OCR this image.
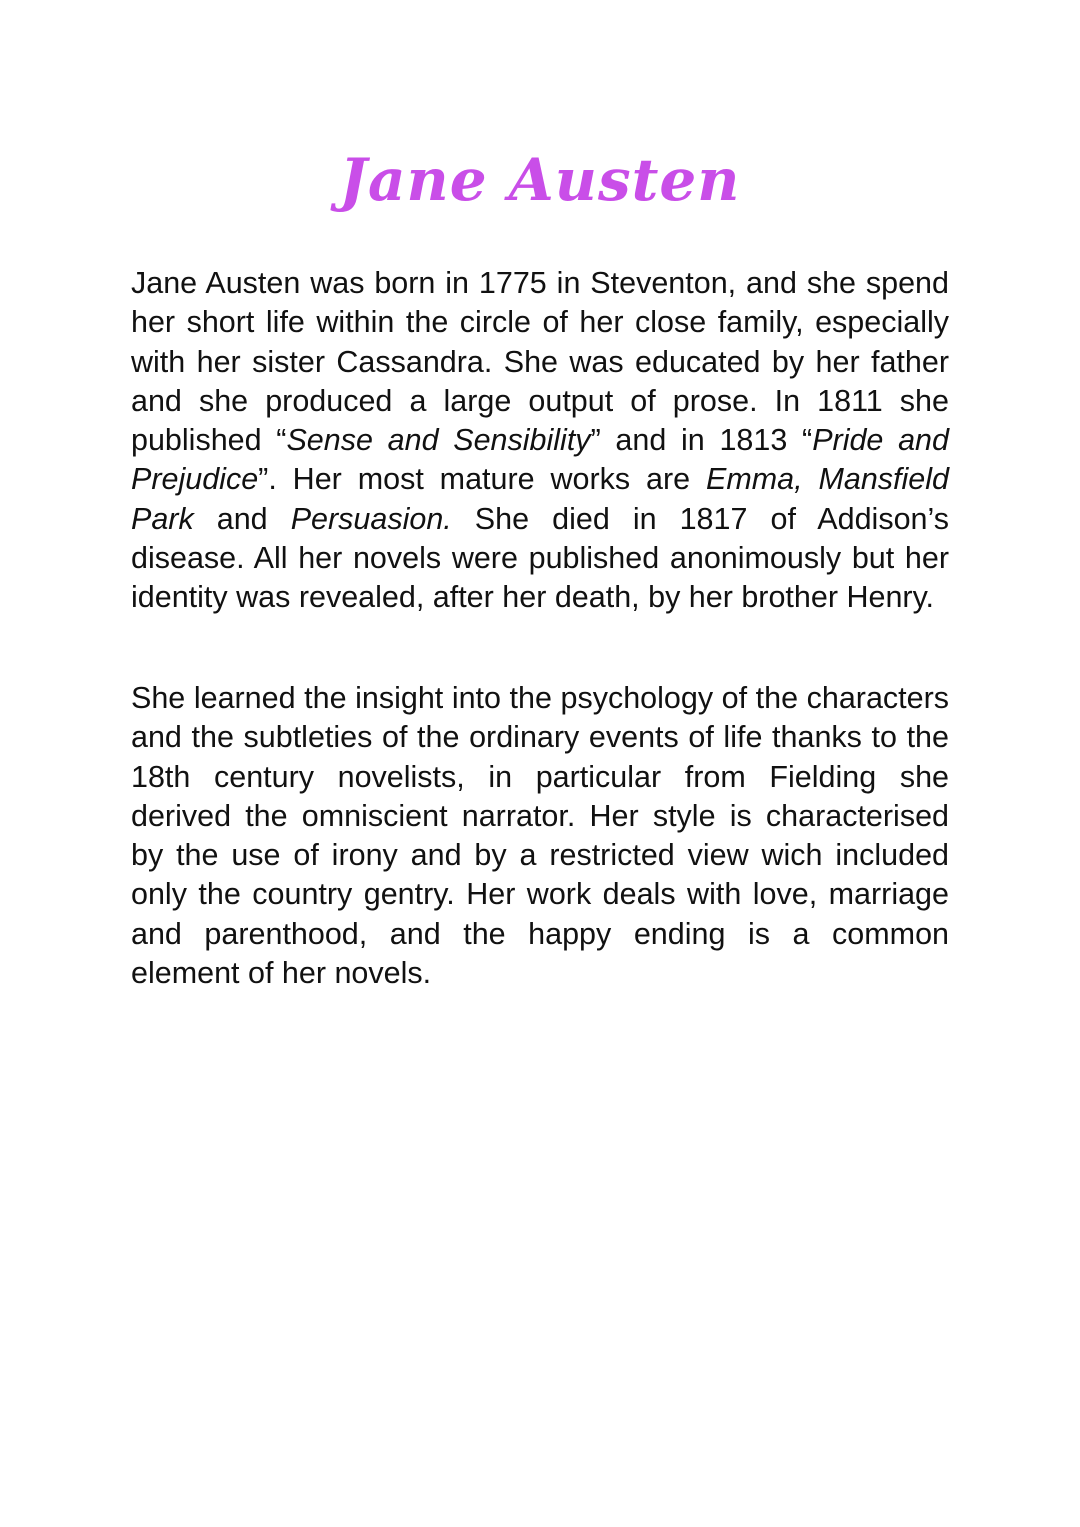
Jane Austen

Jane Austen was born in 1775 in Steventon, and she spend her short life within the circle of her close family, especially with her sister Cassandra. She was educated by her father and she produced a large output of prose. In 1811 she published “Sense and Sensibility” and in 1813 “Pride and Prejudice”. Her most mature works are Emma, Mansfield Park and Persuasion. She died in 1817 of Addison’s disease. All her novels were published anonimously but her identity was revealed, after her death, by her brother Henry.

She learned the insight into the psychology of the characters and the subtleties of the ordinary events of life thanks to the 18th century novelists, in particular from Fielding she derived the omniscient narrator. Her style is characterised by the use of irony and by a restricted view wich included only the country gentry. Her work deals with love, marriage and parenthood, and the happy ending is a common element of her novels.
